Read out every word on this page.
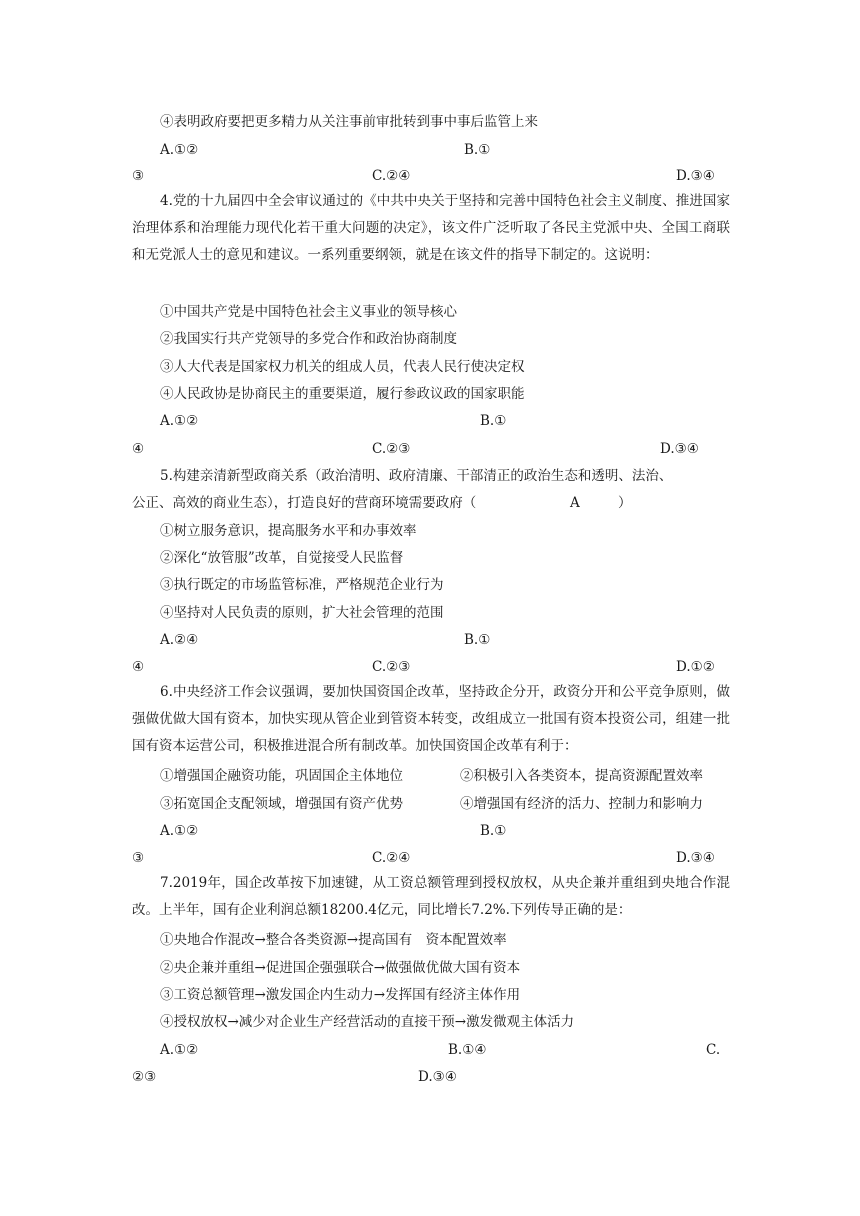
④表明政府要把更多精力从关注事前审批转到事中事后监管上来
A.①②	B.①
③	C.②④	D.③④
4.党的十九届四中全会审议通过的《中共中央关于坚持和完善中国特色社会主义制度、推进国家治理体系和治理能力现代化若干重大问题的决定》，该文件广泛听取了各民主党派中央、全国工商联和无党派人士的意见和建议。一系列重要纲领，就是在该文件的指导下制定的。这说明：
①中国共产党是中国特色社会主义事业的领导核心
②我国实行共产党领导的多党合作和政治协商制度
③人大代表是国家权力机关的组成人员，代表人民行使决定权
④人民政协是协商民主的重要渠道，履行参政议政的国家职能
A.①②	B.①
④	C.②③	D.③④
5.构建亲清新型政商关系（政治清明、政府清廉、干部清正的政治生态和透明、法治、
公正、高效的商业生态），打造良好的营商环境需要政府（	A	）
①树立服务意识，提高服务水平和办事效率
②深化“放管服”改革，自觉接受人民监督
③执行既定的市场监管标准，严格规范企业行为
④坚持对人民负责的原则，扩大社会管理的范围
A.②④	B.①
④	C.②③	D.①②
6.中央经济工作会议强调，要加快国资国企改革，坚持政企分开，政资分开和公平竞争原则，做强做优做大国有资本，加快实现从管企业到管资本转变，改组成立一批国有资本投资公司，组建一批国有资本运营公司，积极推进混合所有制改革。加快国资国企改革有利于：
①增强国企融资功能，巩固国企主体地位	②积极引入各类资本，提高资源配置效率
③拓宽国企支配领域，增强国有资产优势	④增强国有经济的活力、控制力和影响力
A.①②	B.①
③	C.②④	D.③④
7.2019年，国企改革按下加速键，从工资总额管理到授权放权，从央企兼并重组到央地合作混改。上半年，国有企业利润总额18200.4亿元，同比增长7.2%.下列传导正确的是：
①央地合作混改→整合各类资源→提高国有　资本配置效率
②央企兼并重组→促进国企强强联合→做强做优做大国有资本
③工资总额管理→激发国企内生动力→发挥国有经济主体作用
④授权放权→减少对企业生产经营活动的直接干预→激发微观主体活力
A.①②	B.①④	C.
②③	D.③④
